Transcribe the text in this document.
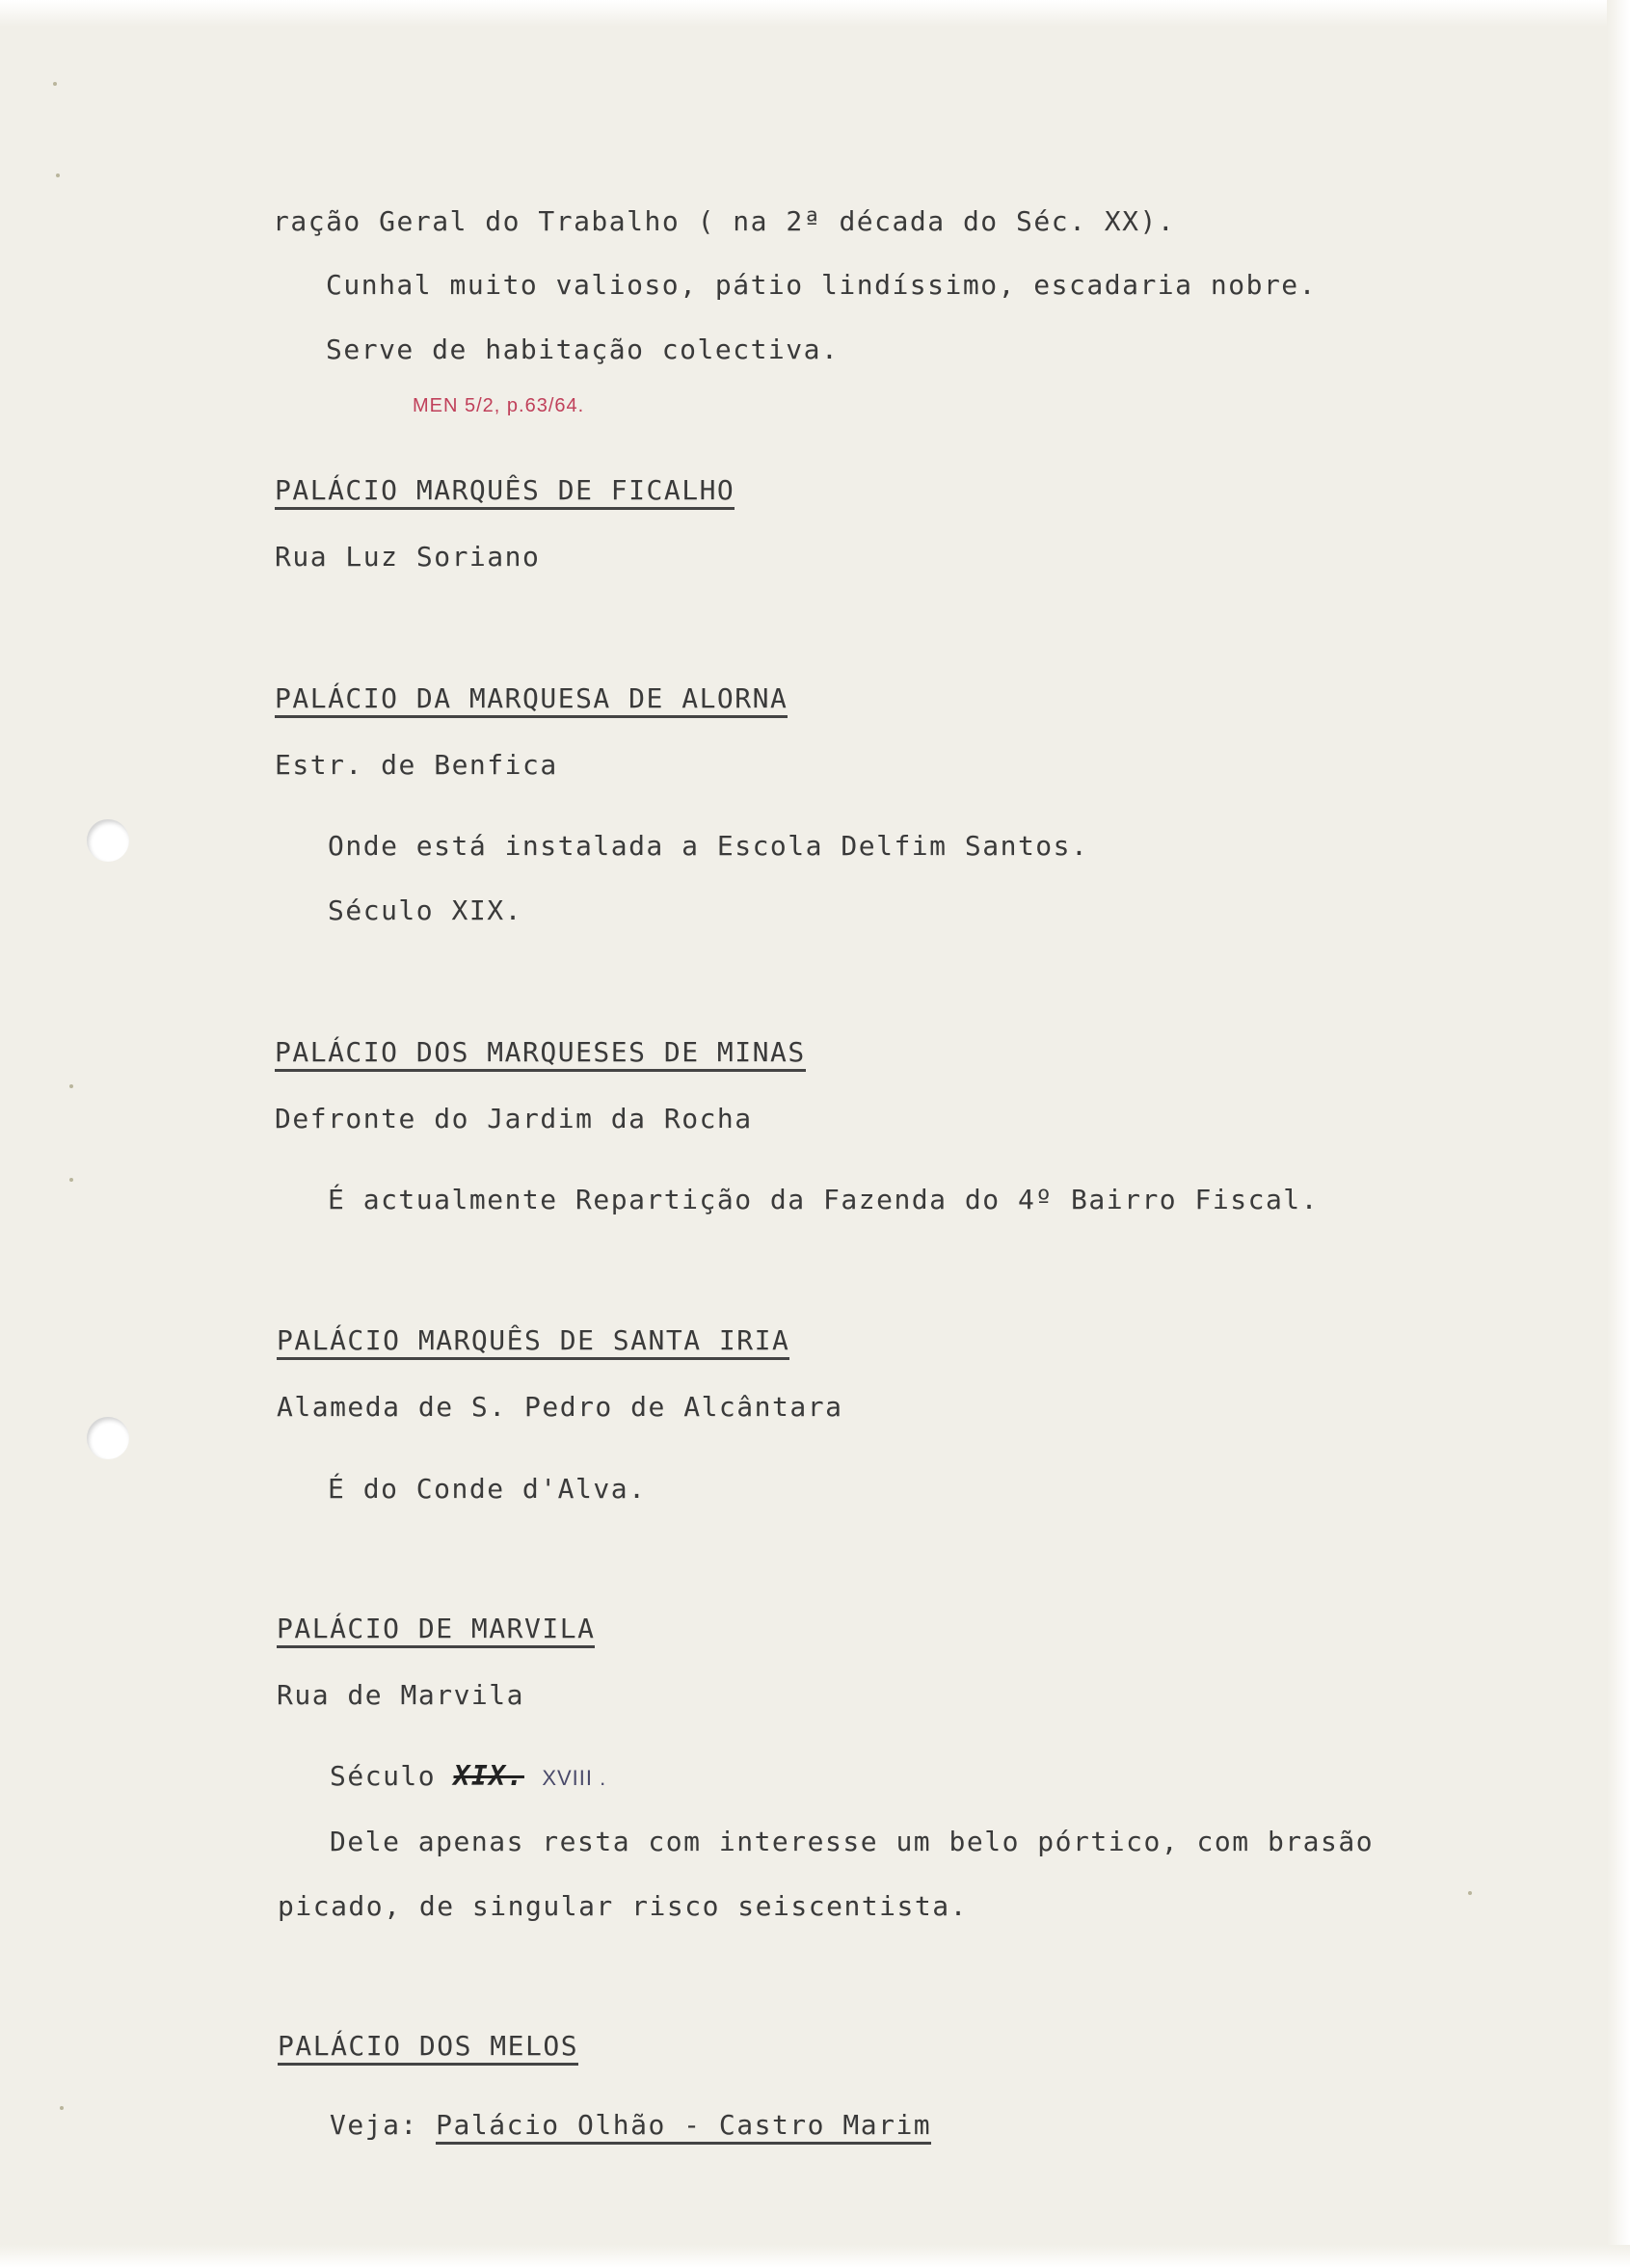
ração Geral do Trabalho ( na 2ª década do Séc. XX).
Cunhal muito valioso, pátio lindíssimo, escadaria nobre.
Serve de habitação colectiva.
MEN 5/2, p.63/64.
PALÁCIO MARQUÊS DE FICALHO
Rua Luz Soriano
PALÁCIO DA MARQUESA DE ALORNA
Estr. de Benfica
Onde está instalada a Escola Delfim Santos.
Século XIX.
PALÁCIO DOS MARQUESES DE MINAS
Defronte do Jardim da Rocha
É actualmente Repartição da Fazenda do 4º Bairro Fiscal.
PALÁCIO MARQUÊS DE SANTA IRIA
Alameda de S. Pedro de Alcântara
É do Conde d'Alva.
PALÁCIO DE MARVILA
Rua de Marvila
Século XIX. XVIII .
Dele apenas resta com interesse um belo pórtico, com brasão
picado, de singular risco seiscentista.
PALÁCIO DOS MELOS
Veja: Palácio Olhão - Castro Marim
